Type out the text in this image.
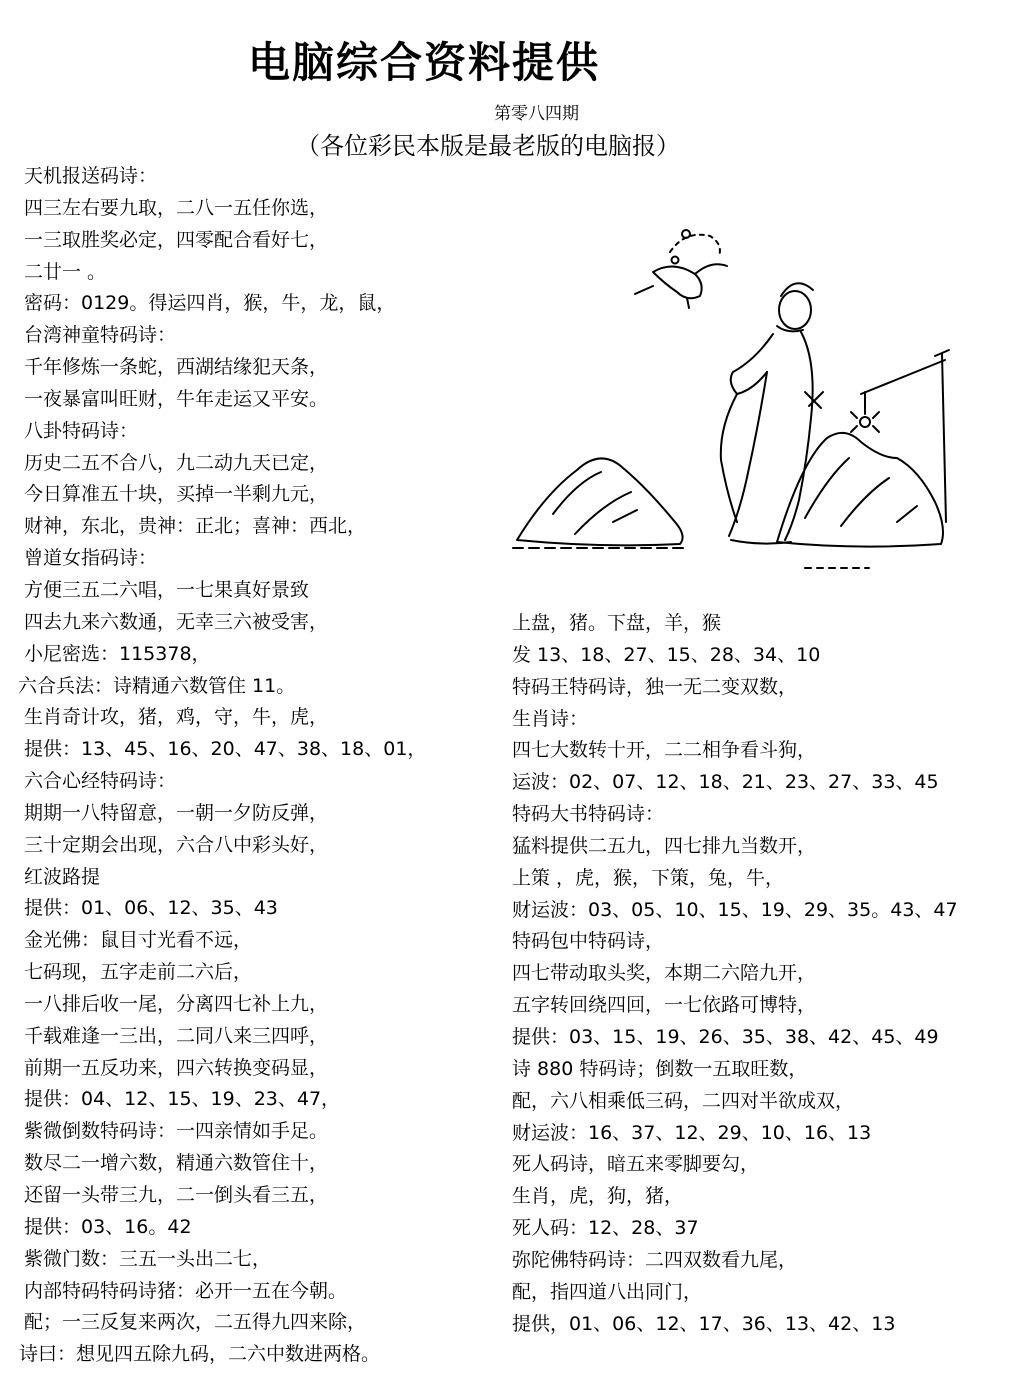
电脑综合资料提供
第零八四期
（各位彩民本版是最老版的电脑报）
天机报送码诗：
四三左右要九取，二八一五任你选，
一三取胜奖必定，四零配合看好七，
二廿一 。
密码：0129。得运四肖，猴，牛，龙，鼠，
台湾神童特码诗：
千年修炼一条蛇，西湖结缘犯天条，
一夜暴富叫旺财，牛年走运又平安。
八卦特码诗：
历史二五不合八，九二动九天已定，
今日算准五十块，买掉一半剩九元，
财神，东北，贵神：正北；喜神：西北，
曾道女指码诗：
方便三五二六唱，一七果真好景致
四去九来六数通，无幸三六被受害，
小尼密选：115378，
六合兵法：诗精通六数管住 11。
生肖奇计攻，猪，鸡，守，牛，虎，
提供：13、45、16、20、47、38、18、01，
六合心经特码诗：
期期一八特留意，一朝一夕防反弹，
三十定期会出现，六合八中彩头好，
红波路提
提供：01、06、12、35、43
金光佛：鼠目寸光看不远，
七码现，五字走前二六后，
一八排后收一尾，分离四七补上九，
千载难逢一三出，二同八来三四呼，
前期一五反功来，四六转换变码显，
提供：04、12、15、19、23、47，
紫微倒数特码诗：一四亲情如手足。
数尽二一增六数，精通六数管住十，
还留一头带三九，二一倒头看三五，
提供：03、16。42
紫微门数：三五一头出二七，
内部特码特码诗猪：必开一五在今朝。
配；一三反复来两次，二五得九四来除，
诗曰：想见四五除九码，二六中数进两格。
上盘，猪。下盘，羊，猴
发 13、18、27、15、28、34、10
特码王特码诗，独一无二变双数，
生肖诗：
四七大数转十开，二二相争看斗狗，
运波：02、07、12、18、21、23、27、33、45
特码大书特码诗：
猛料提供二五九，四七排九当数开，
上策 ，虎，猴，下策，兔，牛，
财运波：03、05、10、15、19、29、35。43、47
特码包中特码诗，
四七带动取头奖，本期二六陪九开，
五字转回绕四回，一七依路可博特，
提供：03、15、19、26、35、38、42、45、49
诗 880 特码诗；倒数一五取旺数，
配，六八相乘低三码，二四对半欲成双，
财运波：16、37、12、29、10、16、13
死人码诗，暗五来零脚要勾，
生肖，虎，狗，猪，
死人码：12、28、37
弥陀佛特码诗：二四双数看九尾，
配，指四道八出同门，
提供，01、06、12、17、36、13、42、13
